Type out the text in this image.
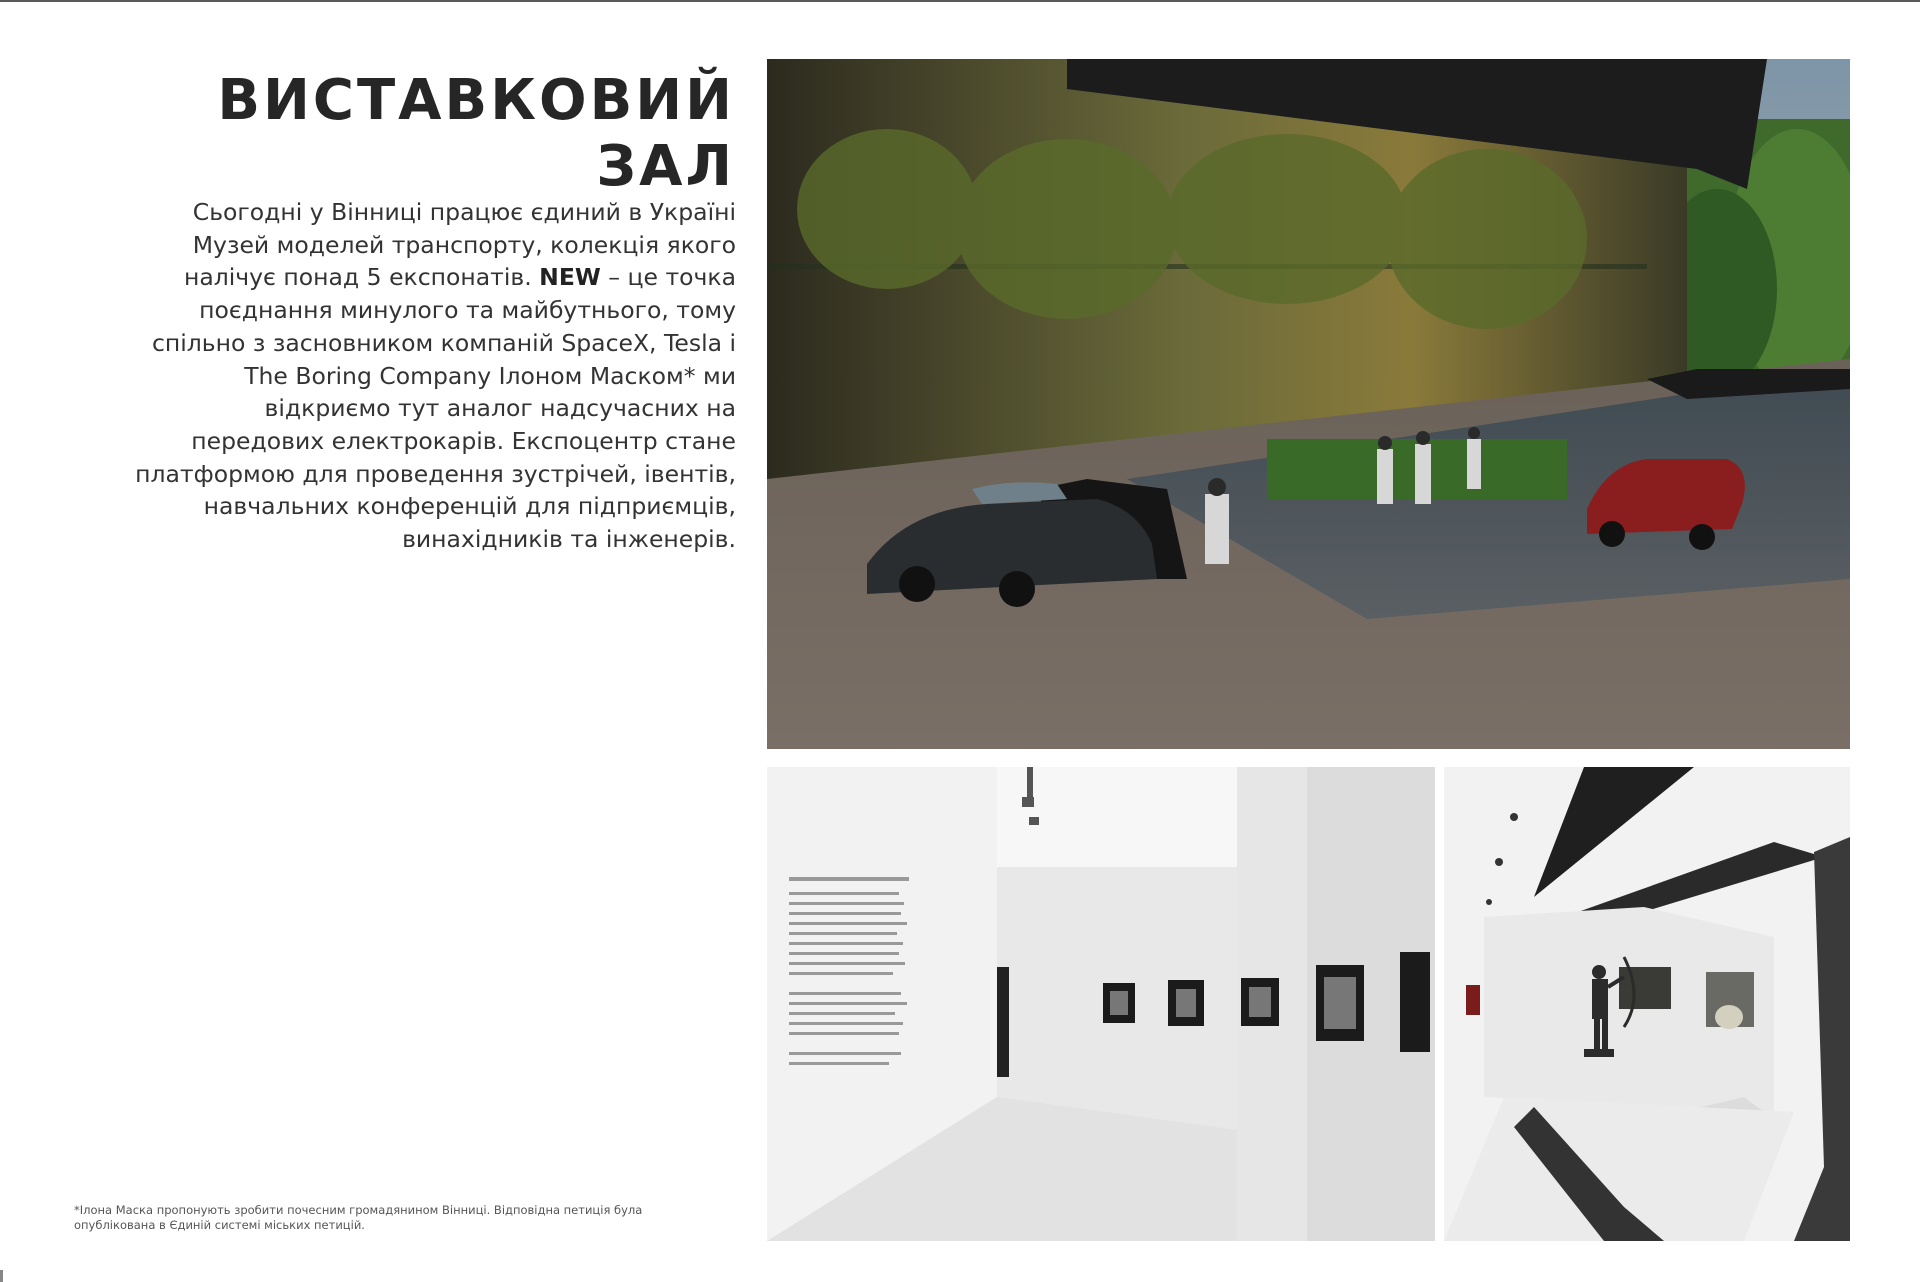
ВИСТАВКОВИЙ ЗАЛ
Сьогодні у Вінниці працює єдиний в Україні
Музей моделей транспорту, колекція якого
налічує понад 5 експонатів. NEW – це точка
поєднання минулого та майбутнього, тому
спільно з засновником компаній SpaceX, Tesla і
The Boring Company Ілоном Маском* ми
відкриємо тут аналог надсучасних на
передових електрокарів. Експоцентр стане
платформою для проведення зустрічей, івентів,
навчальних конференцій для підприємців,
винахідників та інженерів.
*Ілона Маска пропонують зробити почесним громадянином Вінниці. Відповідна петиція була
опублікована в Єдиній системі міських петицій.
